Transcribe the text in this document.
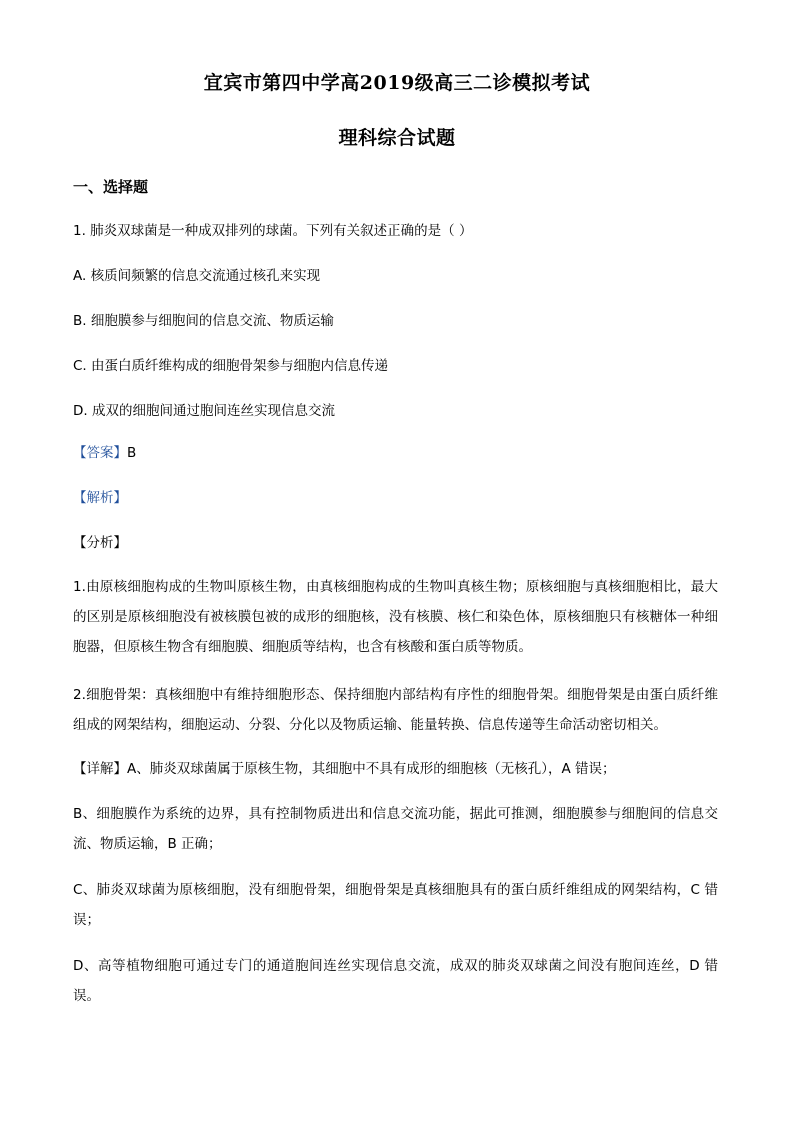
宜宾市第四中学高2019级高三二诊模拟考试
理科综合试题
一、选择题
1. 肺炎双球菌是一种成双排列的球菌。下列有关叙述正确的是（ ）
A. 核质间频繁的信息交流通过核孔来实现
B. 细胞膜参与细胞间的信息交流、物质运输
C. 由蛋白质纤维构成的细胞骨架参与细胞内信息传递
D. 成双的细胞间通过胞间连丝实现信息交流
【答案】B
【解析】
【分析】
1.由原核细胞构成的生物叫原核生物，由真核细胞构成的生物叫真核生物；原核细胞与真核细胞相比，最大的区别是原核细胞没有被核膜包被的成形的细胞核，没有核膜、核仁和染色体，原核细胞只有核糖体一种细胞器，但原核生物含有细胞膜、细胞质等结构，也含有核酸和蛋白质等物质。
2.细胞骨架：真核细胞中有维持细胞形态、保持细胞内部结构有序性的细胞骨架。细胞骨架是由蛋白质纤维组成的网架结构，细胞运动、分裂、分化以及物质运输、能量转换、信息传递等生命活动密切相关。
【详解】A、肺炎双球菌属于原核生物，其细胞中不具有成形的细胞核（无核孔），A 错误；
B、细胞膜作为系统的边界，具有控制物质进出和信息交流功能，据此可推测，细胞膜参与细胞间的信息交流、物质运输，B 正确；
C、肺炎双球菌为原核细胞，没有细胞骨架，细胞骨架是真核细胞具有的蛋白质纤维组成的网架结构，C 错误；
D、高等植物细胞可通过专门的通道胞间连丝实现信息交流，成双的肺炎双球菌之间没有胞间连丝，D 错误。
